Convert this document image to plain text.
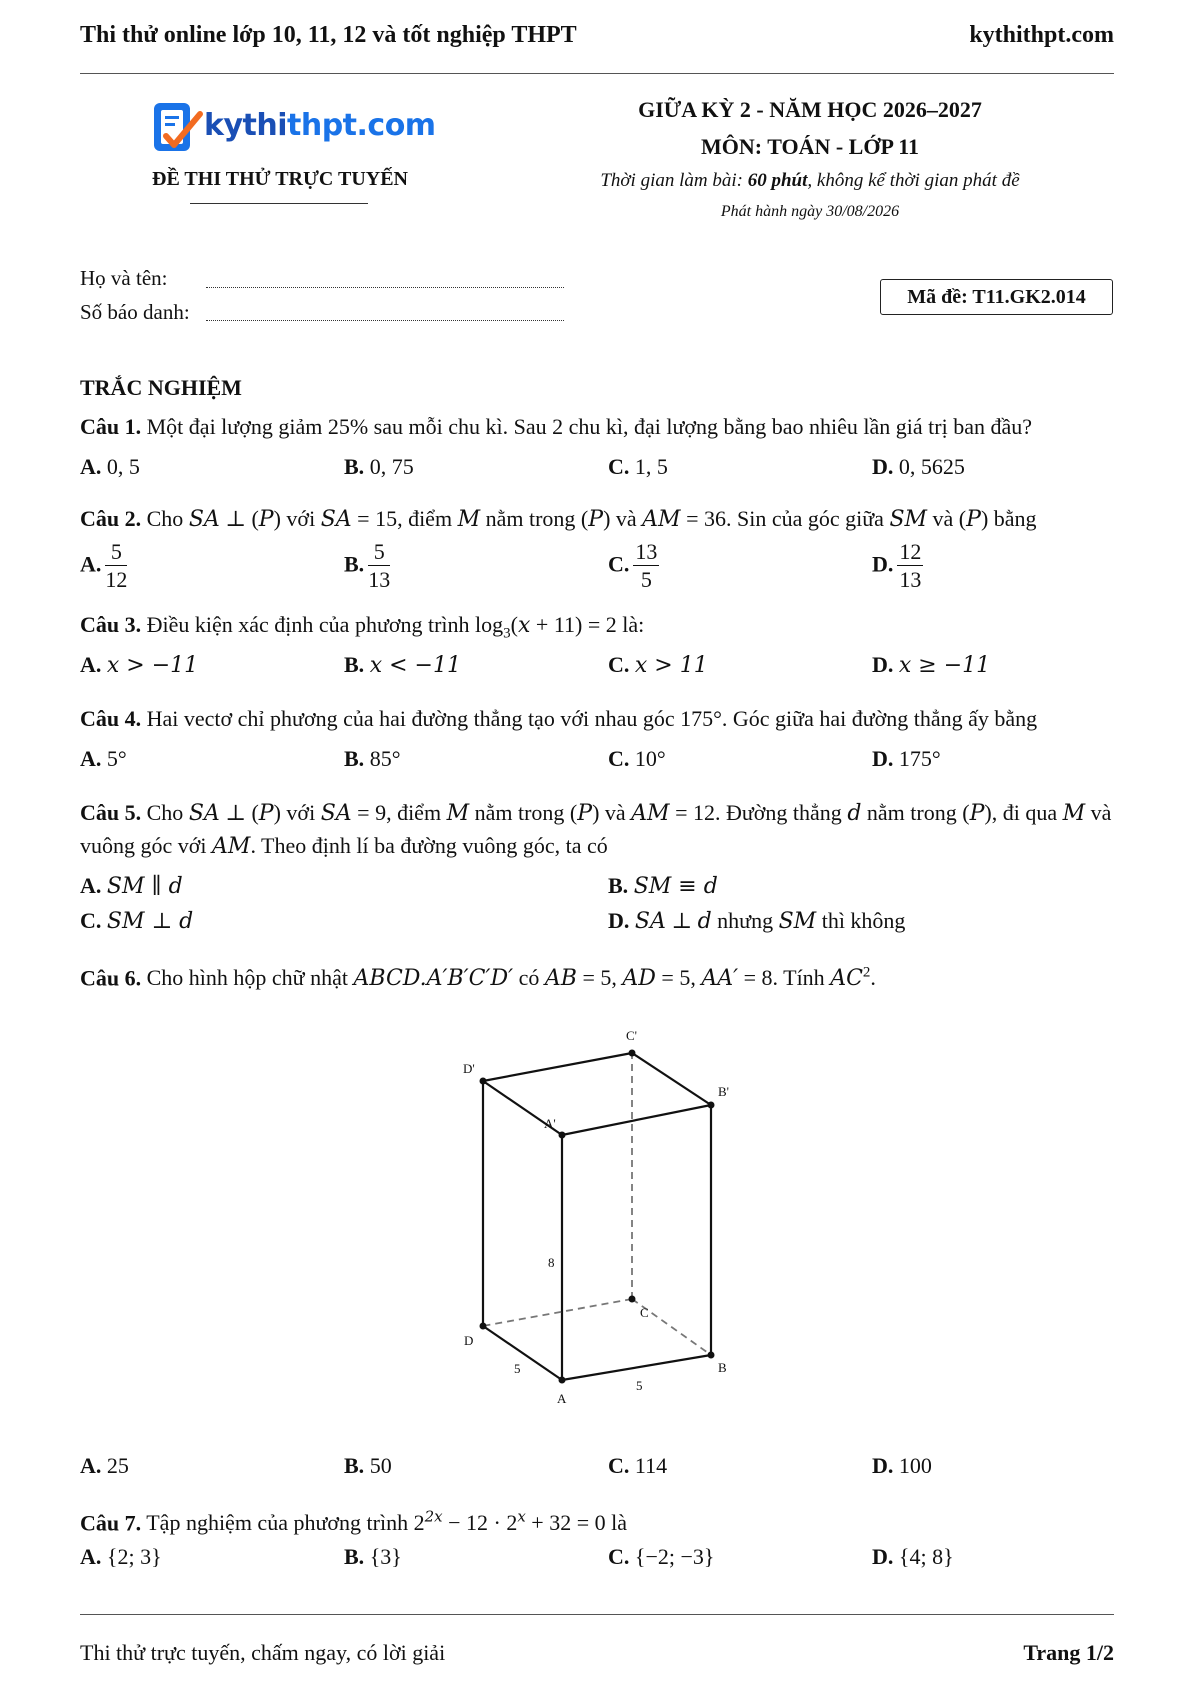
Thi thử online lớp 10, 11, 12 và tốt nghiệp THPT	kythithpt.com
kythithpt.com
ĐỀ THI THỬ TRỰC TUYẾN
GIỮA KỲ 2 - NĂM HỌC 2026–2027
MÔN: TOÁN - LỚP 11
Thời gian làm bài: 60 phút, không kể thời gian phát đề
Phát hành ngày 30/08/2026
Họ và tên:
Số báo danh:
Mã đề: T11.GK2.014
TRẮC NGHIỆM
Câu 1. Một đại lượng giảm 25% sau mỗi chu kì. Sau 2 chu kì, đại lượng bằng bao nhiêu lần giá trị ban đầu?
A. 0, 5	B. 0, 75	C. 1, 5	D. 0, 5625
Câu 2. Cho SA ⊥ (P) với SA = 15, điểm M nằm trong (P) và AM = 36. Sin của góc giữa SM và (P) bằng
A. $\frac{5}{12}$	B. $\frac{5}{13}$	C. $\frac{13}{5}$	D. $\frac{12}{13}$
Câu 3. Điều kiện xác định của phương trình $\log_3(x + 11) = 2$ là:
A. x > −11	B. x < −11	C. x > 11	D. x ≥ −11
Câu 4. Hai vectơ chỉ phương của hai đường thẳng tạo với nhau góc 175°. Góc giữa hai đường thẳng ấy bằng
A. 5°	B. 85°	C. 10°	D. 175°
Câu 5. Cho SA ⊥ (P) với SA = 9, điểm M nằm trong (P) và AM = 12. Đường thẳng d nằm trong (P), đi qua M và vuông góc với AM. Theo định lí ba đường vuông góc, ta có
A. SM ∥ d	B. SM ≡ d
C. SM ⊥ d	D. SA ⊥ d nhưng SM thì không
Câu 6. Cho hình hộp chữ nhật ABCD.A′B′C′D′ có AB = 5, AD = 5, AA′ = 8. Tính $AC^2$.
A
B
C
D
A'
B'
C'
D'
5
5
8
A. 25	B. 50	C. 114	D. 100
Câu 7. Tập nghiệm của phương trình $2^{2x} - 12 \cdot 2^x + 32 = 0$ là
A. {2; 3}	B. {3}	C. {−2; −3}	D. {4; 8}
Thi thử trực tuyến, chấm ngay, có lời giải	Trang 1/2
